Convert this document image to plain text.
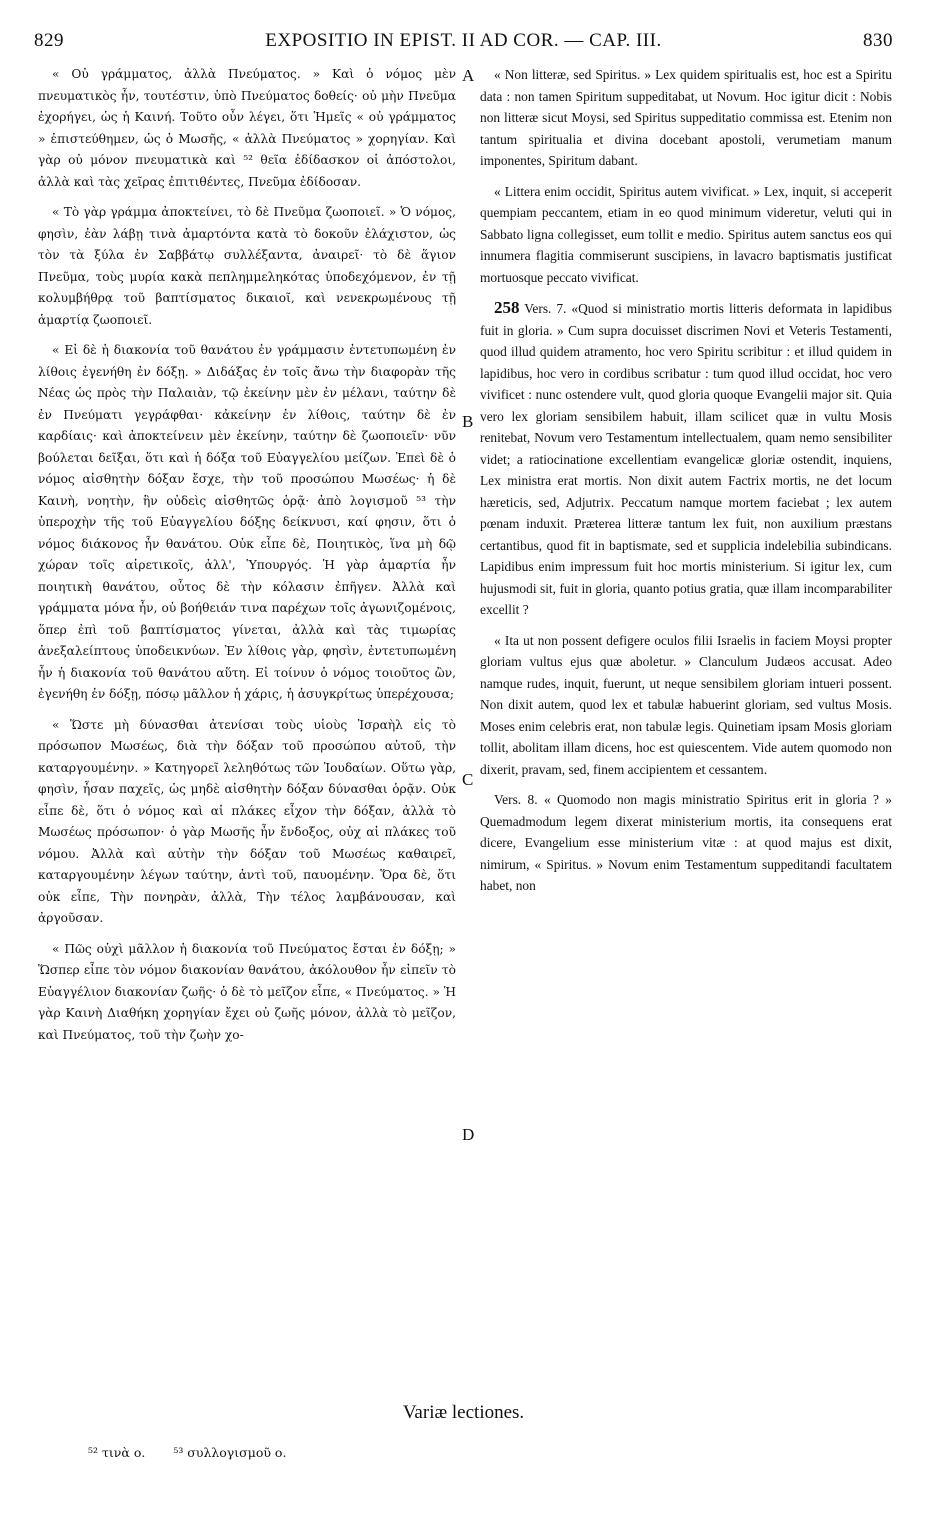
829	EXPOSITIO IN EPIST. II AD COR. — CAP. III.	830

« Οὐ γράμματος, ἀλλὰ Πνεύματος. » Καὶ ὁ νόμος μὲν πνευματικὸς ἦν, τουτέστιν, ὑπὸ Πνεύματος δοθείς· οὐ μὴν Πνεῦμα ἐχορήγει, ὡς ἡ Καινή. Τοῦτο οὖν λέγει, ὅτι Ἡμεῖς « οὐ γράμματος » ἐπιστεύθημεν, ὡς ὁ Μωσῆς, « ἀλλὰ Πνεύματος » χορηγίαν. Καὶ γὰρ οὐ μόνον πνευματικὰ καὶ ⁵² θεῖα ἐδίδασκον οἱ ἀπόστολοι, ἀλλὰ καὶ τὰς χεῖρας ἐπιτιθέντες, Πνεῦμα ἐδίδοσαν.

« Τὸ γὰρ γράμμα ἀποκτείνει, τὸ δὲ Πνεῦμα ζωοποιεῖ. » Ὁ νόμος, φησὶν, ἐὰν λάβῃ τινὰ ἁμαρτόντα κατὰ τὸ δοκοῦν ἐλάχιστον, ὡς τὸν τὰ ξύλα ἐν Σαββάτῳ συλλέξαντα, ἀναιρεῖ· τὸ δὲ ἅγιον Πνεῦμα, τοὺς μυρία κακὰ πεπλημμεληκότας ὑποδεχόμενον, ἐν τῇ κολυμβήθρᾳ τοῦ βαπτίσματος δικαιοῖ, καὶ νενεκρωμένους τῇ ἁμαρτίᾳ ζωοποιεῖ.

« Εἰ δὲ ἡ διακονία τοῦ θανάτου ἐν γράμμασιν ἐντετυπωμένη ἐν λίθοις ἐγενήθη ἐν δόξῃ. » Διδάξας ἐν τοῖς ἄνω τὴν διαφορὰν τῆς Νέας ὡς πρὸς τὴν Παλαιὰν, τῷ ἐκείνην μὲν ἐν μέλανι, ταύτην δὲ ἐν Πνεύματι γεγράφθαι· κἀκείνην ἐν λίθοις, ταύτην δὲ ἐν καρδίαις· καὶ ἀποκτείνειν μὲν ἐκείνην, ταύτην δὲ ζωοποιεῖν· νῦν βούλεται δεῖξαι, ὅτι καὶ ἡ δόξα τοῦ Εὐαγγελίου μείζων. Ἐπεὶ δὲ ὁ νόμος αἰσθητὴν δόξαν ἔσχε, τὴν τοῦ προσώπου Μωσέως· ἡ δὲ Καινὴ, νοητὴν, ἣν οὐδεὶς αἰσθητῶς ὁρᾷ· ἀπὸ λογισμοῦ ⁵³ τὴν ὑπεροχὴν τῆς τοῦ Εὐαγγελίου δόξης δείκνυσι, καί φησιν, ὅτι ὁ νόμος διάκονος ἦν θανάτου. Οὐκ εἶπε δὲ, Ποιητικὸς, ἵνα μὴ δῷ χώραν τοῖς αἱρετικοῖς, ἀλλ', Ὑπουργός. Ἡ γὰρ ἁμαρτία ἦν ποιητικὴ θανάτου, οὗτος δὲ τὴν κόλασιν ἐπῆγεν. Ἀλλὰ καὶ γράμματα μόνα ἦν, οὐ βοήθειάν τινα παρέχων τοῖς ἀγωνιζομένοις, ὅπερ ἐπὶ τοῦ βαπτίσματος γίνεται, ἀλλὰ καὶ τὰς τιμωρίας ἀνεξαλείπτους ὑποδεικνύων. Ἐν λίθοις γὰρ, φησὶν, ἐντετυπωμένη ἦν ἡ διακονία τοῦ θανάτου αὕτη. Εἰ τοίνυν ὁ νόμος τοιοῦτος ὢν, ἐγενήθη ἐν δόξῃ, πόσῳ μᾶλλον ἡ χάρις, ἡ ἀσυγκρίτως ὑπερέχουσα;

« Ὥστε μὴ δύνασθαι ἀτενίσαι τοὺς υἱοὺς Ἰσραὴλ εἰς τὸ πρόσωπον Μωσέως, διὰ τὴν δόξαν τοῦ προσώπου αὐτοῦ, τὴν καταργουμένην. » Κατηγορεῖ λεληθότως τῶν Ἰουδαίων. Οὕτω γὰρ, φησὶν, ἦσαν παχεῖς, ὡς μηδὲ αἰσθητὴν δόξαν δύνασθαι ὁρᾷν. Οὐκ εἶπε δὲ, ὅτι ὁ νόμος καὶ αἱ πλάκες εἶχον τὴν δόξαν, ἀλλὰ τὸ Μωσέως πρόσωπον· ὁ γὰρ Μωσῆς ἦν ἔνδοξος, οὐχ αἱ πλάκες τοῦ νόμου. Ἀλλὰ καὶ αὐτὴν τὴν δόξαν τοῦ Μωσέως καθαιρεῖ, καταργουμένην λέγων ταύτην, ἀντὶ τοῦ, παυομένην. Ὅρα δὲ, ὅτι οὐκ εἶπε, Τὴν πονηρὰν, ἀλλὰ, Τὴν τέλος λαμβάνουσαν, καὶ ἀργοῦσαν.

« Πῶς οὐχὶ μᾶλλον ἡ διακονία τοῦ Πνεύματος ἔσται ἐν δόξῃ; » Ὥσπερ εἶπε τὸν νόμον διακονίαν θανάτου, ἀκόλουθον ἦν εἰπεῖν τὸ Εὐαγγέλιον διακονίαν ζωῆς· ὁ δὲ τὸ μεῖζον εἶπε, « Πνεύματος. » Ἡ γὰρ Καινὴ Διαθήκη χορηγίαν ἔχει οὐ ζωῆς μόνον, ἀλλὰ τὸ μεῖζον, καὶ Πνεύματος, τοῦ τὴν ζωὴν χο-

A
B
C
D

« Non litteræ, sed Spiritus. » Lex quidem spiritualis est, hoc est a Spiritu data : non tamen Spiritum suppeditabat, ut Novum. Hoc igitur dicit : Nobis non litteræ sicut Moysi, sed Spiritus suppeditatio commissa est. Etenim non tantum spiritualia et divina docebant apostoli, verumetiam manum imponentes, Spiritum dabant.

« Littera enim occidit, Spiritus autem vivificat. » Lex, inquit, si acceperit quempiam peccantem, etiam in eo quod minimum videretur, veluti qui in Sabbato ligna collegisset, eum tollit e medio. Spiritus autem sanctus eos qui innumera flagitia commiserunt suscipiens, in lavacro baptismatis justificat mortuosque peccato vivificat.

258 Vers. 7. «Quod si ministratio mortis litteris deformata in lapidibus fuit in gloria. » Cum supra docuisset discrimen Novi et Veteris Testamenti, quod illud quidem atramento, hoc vero Spiritu scribitur : et illud quidem in lapidibus, hoc vero in cordibus scribatur : tum quod illud occidat, hoc vero vivificet : nunc ostendere vult, quod gloria quoque Evangelii major sit. Quia vero lex gloriam sensibilem habuit, illam scilicet quæ in vultu Mosis renitebat, Novum vero Testamentum intellectualem, quam nemo sensibiliter videt; a ratiocinatione excellentiam evangelicæ gloriæ ostendit, inquiens, Lex ministra erat mortis. Non dixit autem Factrix mortis, ne det locum hæreticis, sed, Adjutrix. Peccatum namque mortem faciebat ; lex autem pœnam induxit. Præterea litteræ tantum lex fuit, non auxilium præstans certantibus, quod fit in baptismate, sed et supplicia indelebilia subindicans. Lapidibus enim impressum fuit hoc mortis ministerium. Si igitur lex, cum hujusmodi sit, fuit in gloria, quanto potius gratia, quæ illam incomparabiliter excellit ?

« Ita ut non possent defigere oculos filii Israelis in faciem Moysi propter gloriam vultus ejus quæ aboletur. » Clanculum Judæos accusat. Adeo namque rudes, inquit, fuerunt, ut neque sensibilem gloriam intueri possent. Non dixit autem, quod lex et tabulæ habuerint gloriam, sed vultus Mosis. Moses enim celebris erat, non tabulæ legis. Quinetiam ipsam Mosis gloriam tollit, abolitam illam dicens, hoc est quiescentem. Vide autem quomodo non dixerit, pravam, sed, finem accipientem et cessantem.

Vers. 8. « Quomodo non magis ministratio Spiritus erit in gloria ? » Quemadmodum legem dixerat ministerium mortis, ita consequens erat dicere, Evangelium esse ministerium vitæ : at quod majus est dixit, nimirum, « Spiritus. » Novum enim Testamentum suppeditandi facultatem habet, non

Variæ lectiones.
⁵² τινὰ ο. ⁵³ συλλογισμοῦ ο.
